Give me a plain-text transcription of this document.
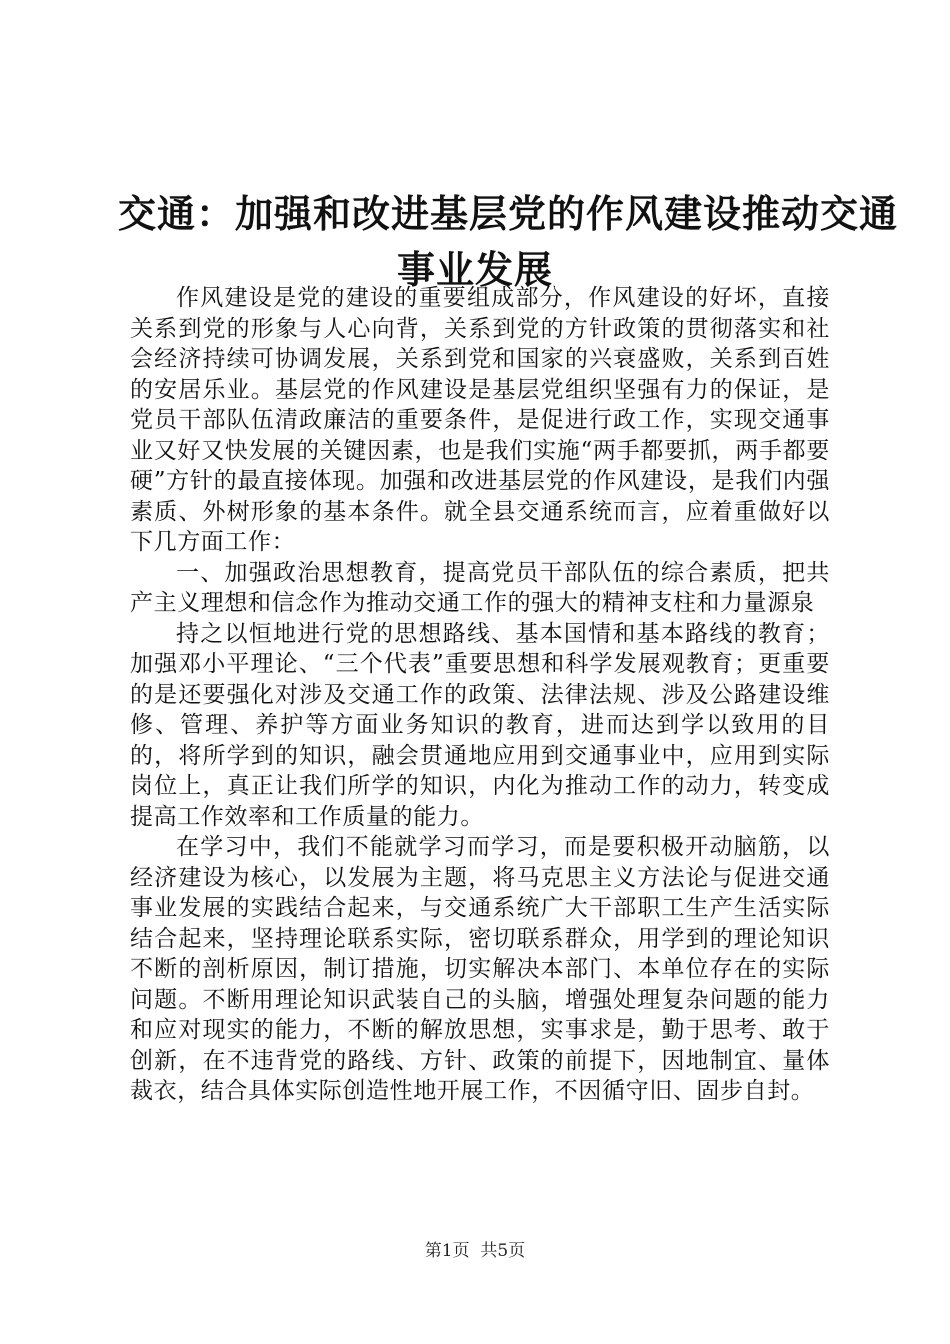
交通：加强和改进基层党的作风建设推动交通
事业发展

作风建设是党的建设的重要组成部分，作风建设的好坏，直接关系到党的形象与人心向背，关系到党的方针政策的贯彻落实和社会经济持续可协调发展，关系到党和国家的兴衰盛败，关系到百姓的安居乐业。基层党的作风建设是基层党组织坚强有力的保证，是党员干部队伍清政廉洁的重要条件，是促进行政工作，实现交通事业又好又快发展的关键因素，也是我们实施“两手都要抓，两手都要硬”方针的最直接体现。加强和改进基层党的作风建设，是我们内强素质、外树形象的基本条件。就全县交通系统而言，应着重做好以下几方面工作：

一、加强政治思想教育，提高党员干部队伍的综合素质，把共产主义理想和信念作为推动交通工作的强大的精神支柱和力量源泉

持之以恒地进行党的思想路线、基本国情和基本路线的教育；加强邓小平理论、“三个代表”重要思想和科学发展观教育；更重要的是还要强化对涉及交通工作的政策、法律法规、涉及公路建设维修、管理、养护等方面业务知识的教育，进而达到学以致用的目的，将所学到的知识，融会贯通地应用到交通事业中，应用到实际岗位上，真正让我们所学的知识，内化为推动工作的动力，转变成提高工作效率和工作质量的能力。

在学习中，我们不能就学习而学习，而是要积极开动脑筋，以经济建设为核心，以发展为主题，将马克思主义方法论与促进交通事业发展的实践结合起来，与交通系统广大干部职工生产生活实际结合起来，坚持理论联系实际，密切联系群众，用学到的理论知识不断的剖析原因，制订措施，切实解决本部门、本单位存在的实际问题。不断用理论知识武装自己的头脑，增强处理复杂问题的能力和应对现实的能力，不断的解放思想，实事求是，勤于思考、敢于创新，在不违背党的路线、方针、政策的前提下，因地制宜、量体裁衣，结合具体实际创造性地开展工作，不因循守旧、固步自封。

第1页  共5页
